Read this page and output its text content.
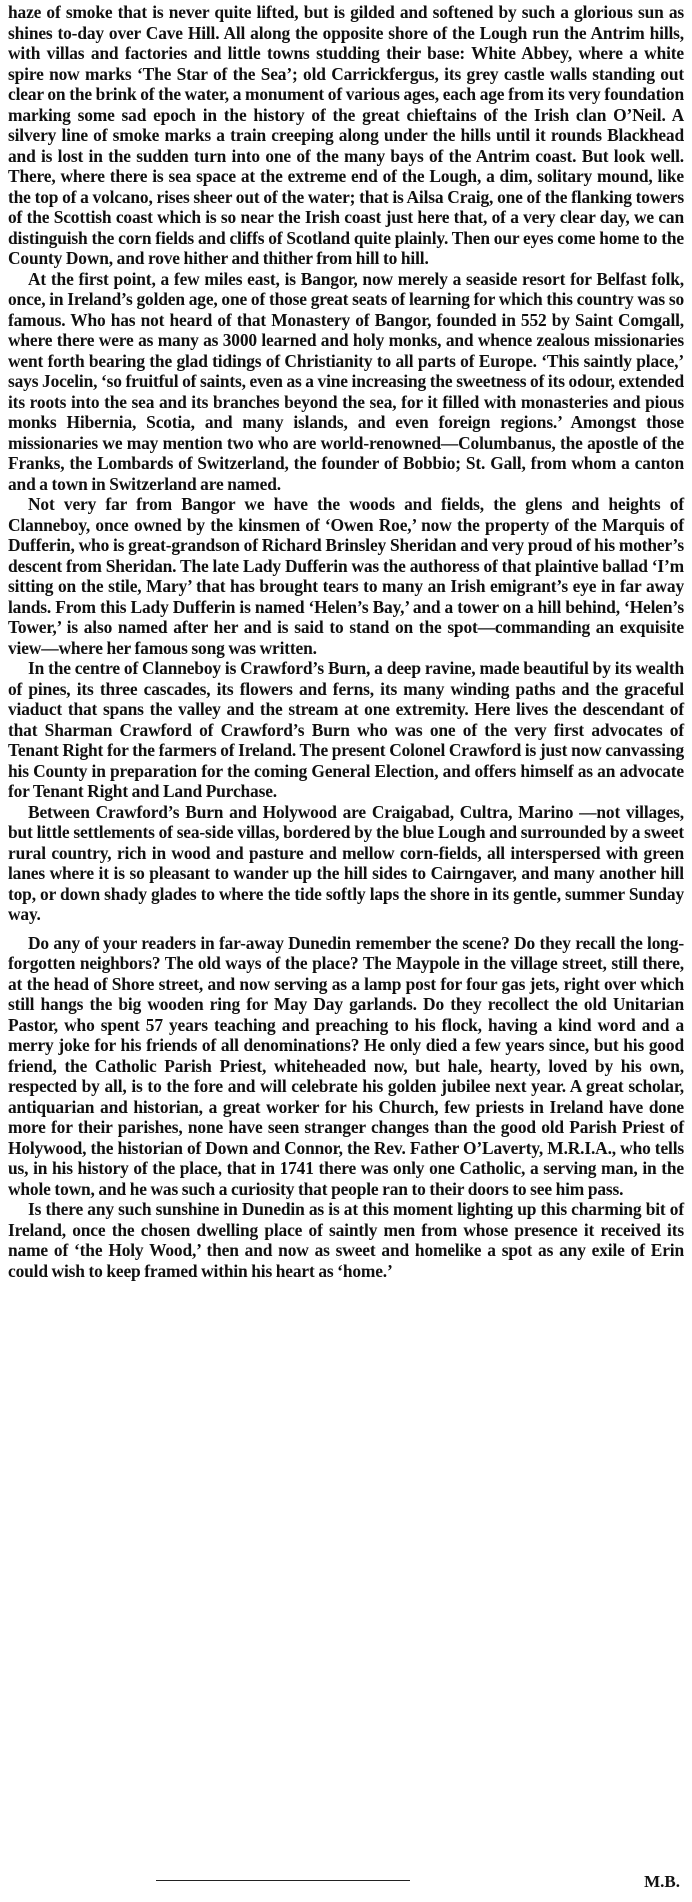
haze of smoke that is never quite lifted, but is gilded and softened by such a glorious sun as shines to-day over Cave Hill. All along the opposite shore of the Lough run the Antrim hills, with villas and factories and little towns studding their base: White Abbey, where a white spire now marks ‘The Star of the Sea’; old Carrickfergus, its grey castle walls standing out clear on the brink of the water, a monument of various ages, each age from its very foundation marking some sad epoch in the history of the great chieftains of the Irish clan O’Neil. A silvery line of smoke marks a train creeping along under the hills until it rounds Blackhead and is lost in the sudden turn into one of the many bays of the Antrim coast. But look well. There, where there is sea space at the extreme end of the Lough, a dim, solitary mound, like the top of a volcano, rises sheer out of the water; that is Ailsa Craig, one of the flanking towers of the Scottish coast which is so near the Irish coast just here that, of a very clear day, we can distinguish the corn fields and cliffs of Scotland quite plainly. Then our eyes come home to the County Down, and rove hither and thither from hill to hill.

At the first point, a few miles east, is Bangor, now merely a seaside resort for Belfast folk, once, in Ireland’s golden age, one of those great seats of learning for which this country was so famous. Who has not heard of that Monastery of Bangor, founded in 552 by Saint Comgall, where there were as many as 3000 learned and holy monks, and whence zealous missionaries went forth bearing the glad tidings of Christianity to all parts of Europe. ‘This saintly place,’ says Jocelin, ‘so fruitful of saints, even as a vine increasing the sweetness of its odour, extended its roots into the sea and its branches beyond the sea, for it filled with monasteries and pious monks Hibernia, Scotia, and many islands, and even foreign regions.’ Amongst those missionaries we may mention two who are world-renowned—Columbanus, the apostle of the Franks, the Lombards of Switzerland, the founder of Bobbio; St. Gall, from whom a canton and a town in Switzerland are named.

Not very far from Bangor we have the woods and fields, the glens and heights of Clanneboy, once owned by the kinsmen of ‘Owen Roe,’ now the property of the Marquis of Dufferin, who is great-grandson of Richard Brinsley Sheridan and very proud of his mother’s descent from Sheridan. The late Lady Dufferin was the authoress of that plaintive ballad ‘I’m sitting on the stile, Mary’ that has brought tears to many an Irish emigrant’s eye in far away lands. From this Lady Dufferin is named ‘Helen’s Bay,’ and a tower on a hill behind, ‘Helen’s Tower,’ is also named after her and is said to stand on the spot—commanding an exquisite view—where her famous song was written.

In the centre of Clanneboy is Crawford’s Burn, a deep ravine, made beautiful by its wealth of pines, its three cascades, its flowers and ferns, its many winding paths and the graceful viaduct that spans the valley and the stream at one extremity. Here lives the descendant of that Sharman Crawford of Crawford’s Burn who was one of the very first advocates of Tenant Right for the farmers of Ireland. The present Colonel Crawford is just now canvassing his County in preparation for the coming General Election, and offers himself as an advocate for Tenant Right and Land Purchase.

Between Crawford’s Burn and Holywood are Craigabad, Cultra, Marino —not villages, but little settlements of sea-side villas, bordered by the blue Lough and surrounded by a sweet rural country, rich in wood and pasture and mellow corn-fields, all interspersed with green lanes where it is so pleasant to wander up the hill sides to Cairngaver, and many another hill top, or down shady glades to where the tide softly laps the shore in its gentle, summer Sunday way.

Do any of your readers in far-away Dunedin remember the scene? Do they recall the long-forgotten neighbors? The old ways of the place? The Maypole in the village street, still there, at the head of Shore street, and now serving as a lamp post for four gas jets, right over which still hangs the big wooden ring for May Day garlands. Do they recollect the old Unitarian Pastor, who spent 57 years teaching and preaching to his flock, having a kind word and a merry joke for his friends of all denominations? He only died a few years since, but his good friend, the Catholic Parish Priest, whiteheaded now, but hale, hearty, loved by his own, respected by all, is to the fore and will celebrate his golden jubilee next year. A great scholar, antiquarian and historian, a great worker for his Church, few priests in Ireland have done more for their parishes, none have seen stranger changes than the good old Parish Priest of Holywood, the historian of Down and Connor, the Rev. Father O’Laverty, M.R.I.A., who tells us, in his history of the place, that in 1741 there was only one Catholic, a serving man, in the whole town, and he was such a curiosity that people ran to their doors to see him pass.

Is there any such sunshine in Dunedin as is at this moment lighting up this charming bit of Ireland, once the chosen dwelling place of saintly men from whose presence it received its name of ‘the Holy Wood,’ then and now as sweet and homelike a spot as any exile of Erin could wish to keep framed within his heart as ‘home.’

M.B.
